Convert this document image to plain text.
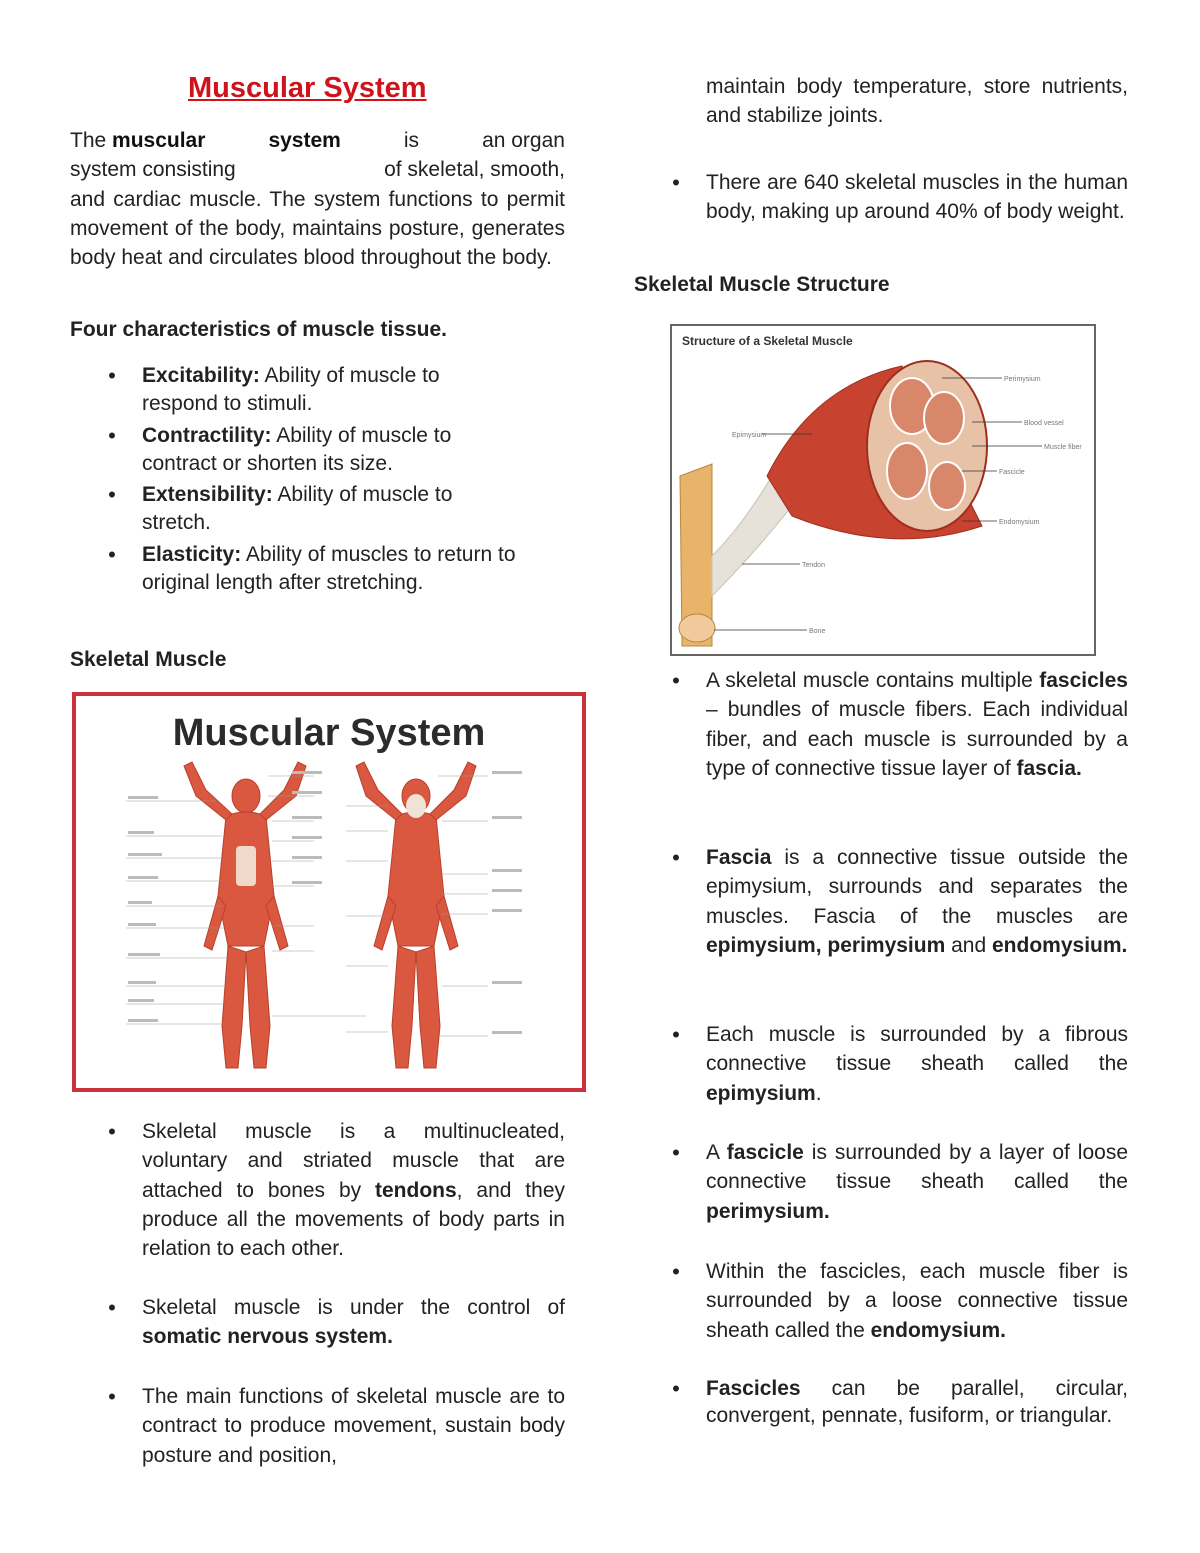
Muscular System
The muscular	system	is	an organ
system consisting	of skeletal, smooth,
and cardiac muscle. The system functions to permit movement of the body, maintains posture, generates body heat and circulates blood throughout the body.
Four characteristics of muscle tissue.
•
Excitability: Ability of muscle to respond to stimuli.
•
Contractility: Ability of muscle to contract or shorten its size.
•
Extensibility: Ability of muscle to stretch.
•
Elasticity: Ability of muscles to return to original length after stretching.
Skeletal Muscle
Muscular System
•
Skeletal muscle is a multinucleated, voluntary and striated muscle that are attached to bones by tendons, and they produce all the movements of body parts in relation to each other.
•
Skeletal muscle is under the control of somatic nervous system.
•
The main functions of skeletal muscle are to contract to produce movement, sustain body posture and position,
maintain body temperature, store nutrients, and stabilize joints.
•
There are 640 skeletal muscles in the human body, making up around 40% of body weight.
Skeletal Muscle Structure
Structure of a Skeletal Muscle
Perimysium
Blood vessel
Muscle fiber
Fascicle
Endomysium
Epimysium
Tendon
Bone
•
A skeletal muscle contains multiple fascicles – bundles of muscle fibers. Each individual fiber, and each muscle is surrounded by a type of connective tissue layer of fascia.
•
Fascia is a connective tissue outside the epimysium, surrounds and separates the muscles. Fascia of the muscles are epimysium, perimysium and endomysium.
•
Each muscle is surrounded by a fibrous connective tissue sheath called the epimysium.
•
A fascicle is surrounded by a layer of loose connective tissue sheath called the perimysium.
•
Within the fascicles, each muscle fiber is surrounded by a loose connective tissue sheath called the endomysium.
•
Fascicles can be parallel, circular, convergent, pennate, fusiform, or triangular.
